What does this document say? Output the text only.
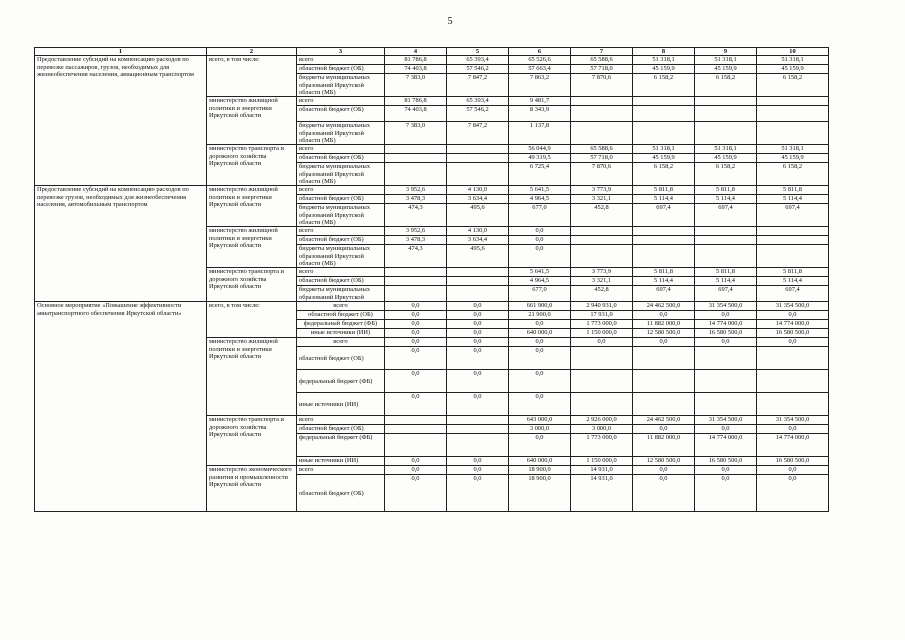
5
1	2	3	4	5	6	7	8	9	10
Предоставление субсидий на компенсацию расходов по перевозке пассажиров, грузов, необходимых для жизнеобеспечения населения, авиационным транспортом	всего, в том числе:	всего	81 786,8	65 393,4	65 526,6	65 588,6	51 318,1	51 318,1	51 318,1
		областной бюджет (ОБ)	74 403,8	57 546,2	57 663,4	57 718,0	45 159,9	45 159,9	45 159,9
		бюджеты муниципальных образований Иркутской области (МБ)	7 383,0	7 847,2	7 863,2	7 870,6	6 158,2	6 158,2	6 158,2
	министерство жилищной политики и энергетики Иркутской области	всего	81 786,8	65 393,4	9 481,7				
		областной бюджет (ОБ)	74 403,8	57 546,2	8 343,9				
		бюджеты муниципальных образований Иркутской области (МБ)	7 383,0	7 847,2	1 137,8				
	министерство транспорта и дорожного хозяйства Иркутской области	всего			56 044,9	65 588,6	51 318,1	51 318,1	51 318,1
		областной бюджет (ОБ)			49 319,5	57 718,0	45 159,9	45 159,9	45 159,9
		бюджеты муниципальных образований Иркутской области (МБ)			6 725,4	7 870,6	6 158,2	6 158,2	6 158,2
Предоставление субсидий на компенсацию расходов по перевозке грузов, необходимых для жизнеобеспечения населения, автомобильным транспортом	министерство жилищной политики и энергетики Иркутской области	всего	3 952,6	4 130,0	5 641,5	3 773,9	5 811,8	5 811,8	5 811,8
		областной бюджет (ОБ)	3 478,3	3 634,4	4 964,5	3 321,1	5 114,4	5 114,4	5 114,4
		бюджеты муниципальных образований Иркутской области (МБ)	474,3	495,6	677,0	452,8	697,4	697,4	697,4
	министерство жилищной политики и энергетики Иркутской области	всего	3 952,6	4 130,0	0,0				
		областной бюджет (ОБ)	3 478,3	3 634,4	0,0				
		бюджеты муниципальных образований Иркутской области (МБ)	474,3	495,6	0,0				
	министерство транспорта и дорожного хозяйства Иркутской области	всего			5 641,5	3 773,9	5 811,8	5 811,8	5 811,8
		областной бюджет (ОБ)			4 964,5	3 321,1	5 114,4	5 114,4	5 114,4
		бюджеты муниципальных образований Иркутской			677,0	452,8	697,4	697,4	697,4
Основное мероприятие «Повышение эффективности авиатранспортного обеспечения Иркутской области»	всего, в том числе:	всего	0,0	0,0	661 900,0	2 940 931,0	24 462 500,0	31 354 500,0	31 354 500,0
		областной бюджет (ОБ)	0,0	0,0	21 900,0	17 931,0	0,0	0,0	0,0
		федеральный бюджет (ФБ)	0,0	0,0	0,0	1 773 000,0	11 882 000,0	14 774 000,0	14 774 000,0
		иные источники (ИИ)	0,0	0,0	640 000,0	1 150 000,0	12 580 500,0	16 580 500,0	16 580 500,0
	министерство жилищной политики и энергетики Иркутской области	всего	0,0	0,0	0,0	0,0	0,0	0,0	0,0
		областной бюджет (ОБ)	0,0	0,0	0,0				
		федеральный бюджет (ФБ)	0,0	0,0	0,0				
		иные источники (ИИ)	0,0	0,0	0,0				
	министерство транспорта и дорожного хозяйства Иркутской области	всего			643 000,0	2 926 000,0	24 462 500,0	31 354 500,0	31 354 500,0
		областной бюджет (ОБ)			3 000,0	3 000,0	0,0	0,0	0,0
		федеральный бюджет (ФБ)			0,0	1 773 000,0	11 882 000,0	14 774 000,0	14 774 000,0
		иные источники (ИИ)	0,0	0,0	640 000,0	1 150 000,0	12 580 500,0	16 580 500,0	16 580 500,0
	министерство экономического развития и промышленности Иркутской области	всего	0,0	0,0	18 900,0	14 931,0	0,0	0,0	0,0
		областной бюджет (ОБ)	0,0	0,0	18 900,0	14 931,0	0,0	0,0	0,0
